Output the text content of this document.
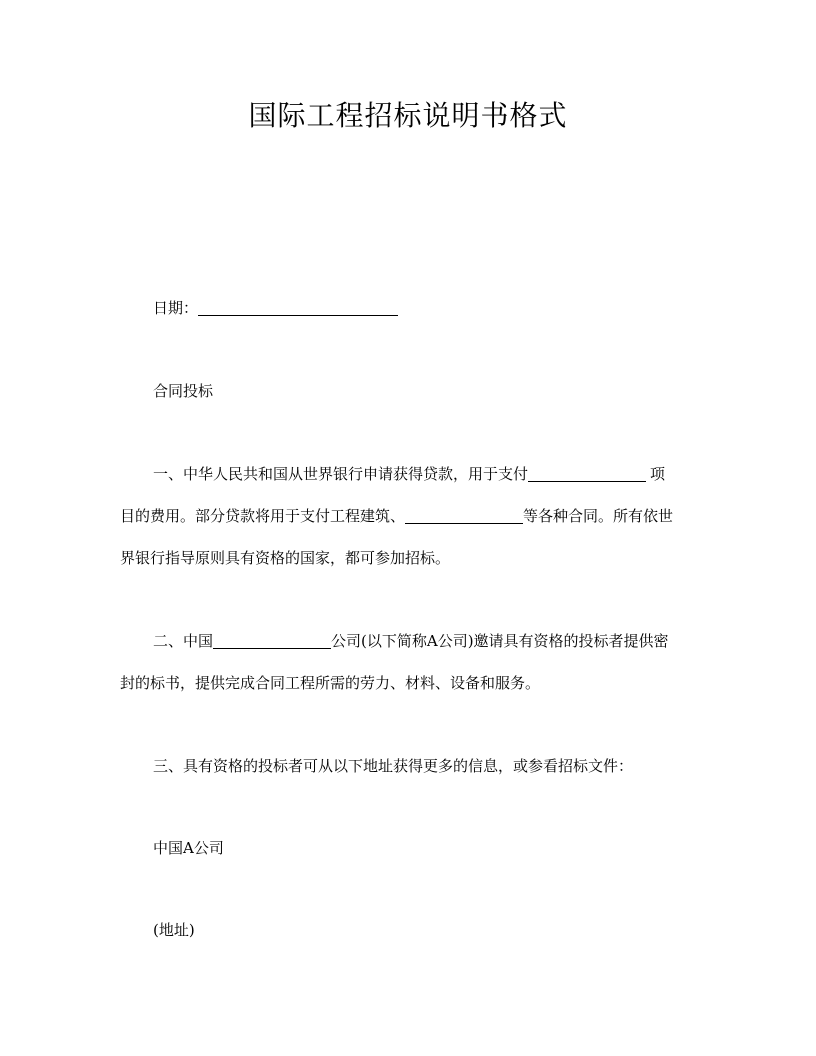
国际工程招标说明书格式
日期：
合同投标
一、中华人民共和国从世界银行申请获得贷款，用于支付	项
目的费用。部分贷款将用于支付工程建筑、	等各种合同。所有依世
界银行指导原则具有资格的国家，都可参加招标。
二、中国	公司(以下简称A公司)邀请具有资格的投标者提供密
封的标书，提供完成合同工程所需的劳力、材料、设备和服务。
三、具有资格的投标者可从以下地址获得更多的信息，或参看招标文件：
中国A公司
(地址)
